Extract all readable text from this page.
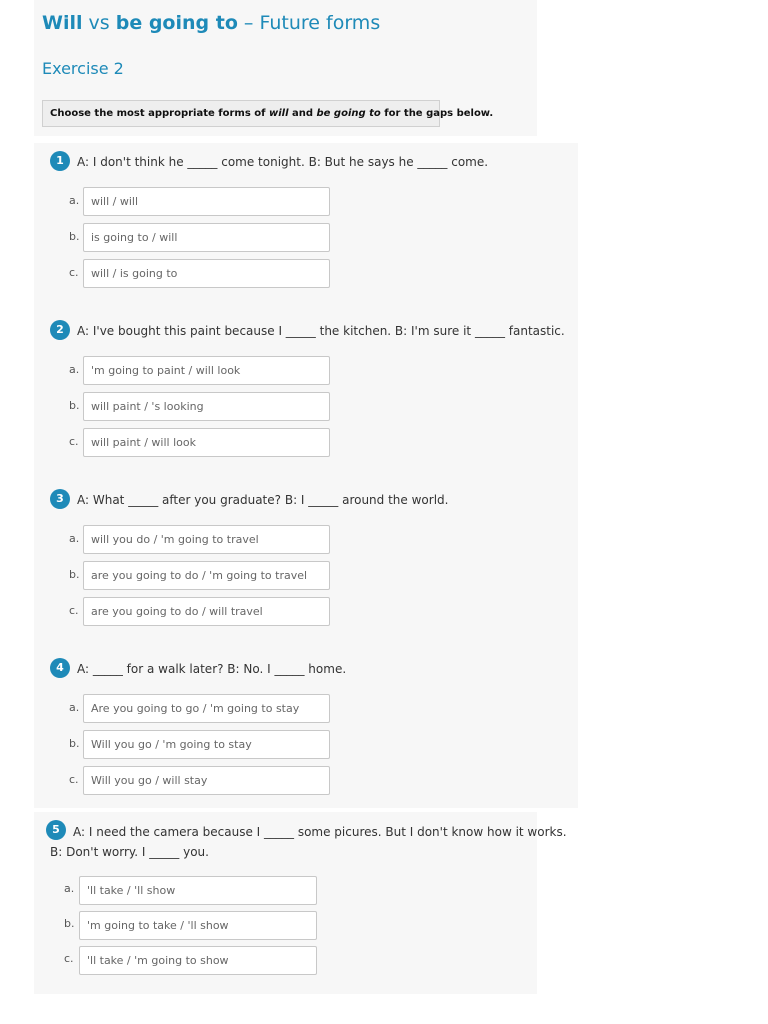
Will vs be going to – Future forms
Exercise 2
Choose the most appropriate forms of will and be going to for the gaps below.
1	A: I don't think he _____ come tonight. B: But he says he _____ come.
a.	will / will
b.	is going to / will
c.	will / is going to
2	A: I've bought this paint because I _____ the kitchen. B: I'm sure it _____ fantastic.
a.	'm going to paint / will look
b.	will paint / 's looking
c.	will paint / will look
3	A: What _____ after you graduate? B: I _____ around the world.
a.	will you do / 'm going to travel
b.	are you going to do / 'm going to travel
c.	are you going to do / will travel
4	A: _____ for a walk later? B: No. I _____ home.
a.	Are you going to go / 'm going to stay
b.	Will you go / 'm going to stay
c.	Will you go / will stay
5	A: I need the camera because I _____ some picures. But I don't know how it works.
B: Don't worry. I _____ you.
a.	'll take / 'll show
b.	'm going to take / 'll show
c.	'll take / 'm going to show
